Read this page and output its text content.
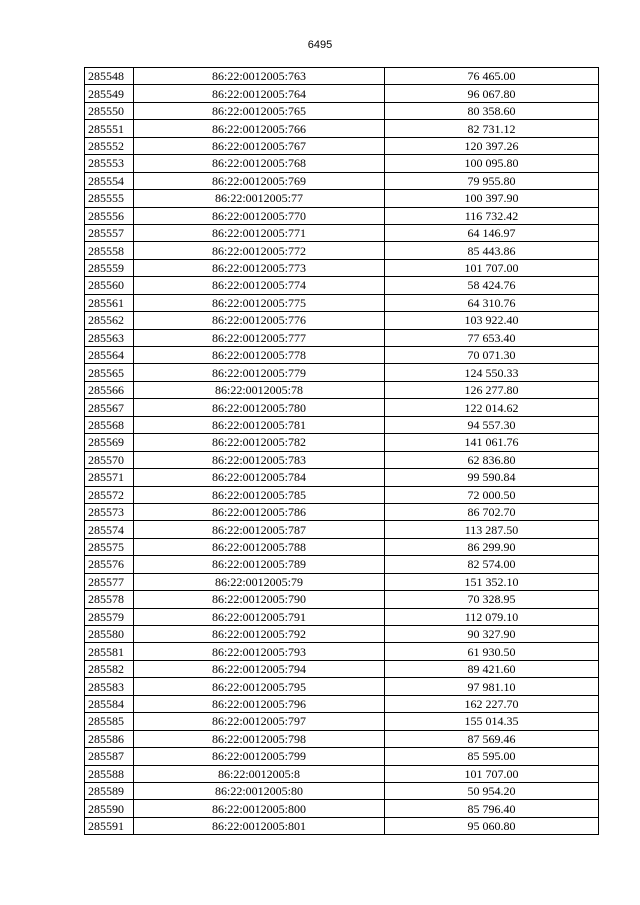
6495
285548	86:22:0012005:763	76 465.00
285549	86:22:0012005:764	96 067.80
285550	86:22:0012005:765	80 358.60
285551	86:22:0012005:766	82 731.12
285552	86:22:0012005:767	120 397.26
285553	86:22:0012005:768	100 095.80
285554	86:22:0012005:769	79 955.80
285555	86:22:0012005:77	100 397.90
285556	86:22:0012005:770	116 732.42
285557	86:22:0012005:771	64 146.97
285558	86:22:0012005:772	85 443.86
285559	86:22:0012005:773	101 707.00
285560	86:22:0012005:774	58 424.76
285561	86:22:0012005:775	64 310.76
285562	86:22:0012005:776	103 922.40
285563	86:22:0012005:777	77 653.40
285564	86:22:0012005:778	70 071.30
285565	86:22:0012005:779	124 550.33
285566	86:22:0012005:78	126 277.80
285567	86:22:0012005:780	122 014.62
285568	86:22:0012005:781	94 557.30
285569	86:22:0012005:782	141 061.76
285570	86:22:0012005:783	62 836.80
285571	86:22:0012005:784	99 590.84
285572	86:22:0012005:785	72 000.50
285573	86:22:0012005:786	86 702.70
285574	86:22:0012005:787	113 287.50
285575	86:22:0012005:788	86 299.90
285576	86:22:0012005:789	82 574.00
285577	86:22:0012005:79	151 352.10
285578	86:22:0012005:790	70 328.95
285579	86:22:0012005:791	112 079.10
285580	86:22:0012005:792	90 327.90
285581	86:22:0012005:793	61 930.50
285582	86:22:0012005:794	89 421.60
285583	86:22:0012005:795	97 981.10
285584	86:22:0012005:796	162 227.70
285585	86:22:0012005:797	155 014.35
285586	86:22:0012005:798	87 569.46
285587	86:22:0012005:799	85 595.00
285588	86:22:0012005:8	101 707.00
285589	86:22:0012005:80	50 954.20
285590	86:22:0012005:800	85 796.40
285591	86:22:0012005:801	95 060.80
